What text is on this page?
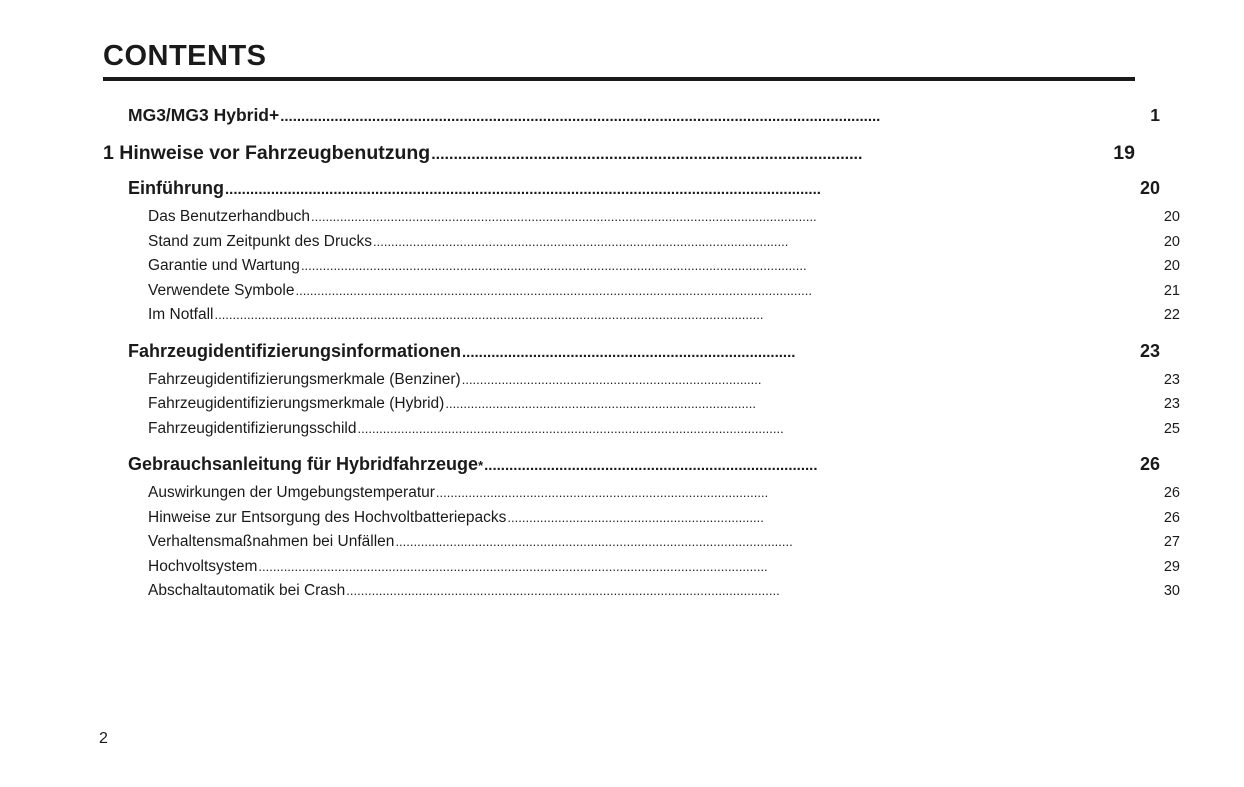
CONTENTS
MG3/MG3 Hybrid+ ................................................................................................................................................	1
1 Hinweise vor Fahrzeugbenutzung .................................................................................................	19
Einführung ...............................................................................................................................................	20
Das Benutzerhandbuch ............................................................................................................................................	20
Stand zum Zeitpunkt des Drucks ...................................................................................................................	20
Garantie und Wartung ............................................................................................................................................	20
Verwendete Symbole ...............................................................................................................................................	21
Im Notfall ........................................................................................................................................................	22
Fahrzeugidentifizierungsinformationen ................................................................................	23
Fahrzeugidentifizierungsmerkmale (Benziner) ...................................................................................	23
Fahrzeugidentifizierungsmerkmale (Hybrid) ......................................................................................	23
Fahrzeugidentifizierungsschild ......................................................................................................................	25
Gebrauchsanleitung für Hybridfahrzeuge * ................................................................................	26
Auswirkungen der Umgebungstemperatur ............................................................................................	26
Hinweise zur Entsorgung des Hochvoltbatteriepacks .......................................................................	26
Verhaltensmaßnahmen bei Unfällen ..............................................................................................................	27
Hochvoltsystem .............................................................................................................................................	29
Abschaltautomatik bei Crash ........................................................................................................................	30
2
